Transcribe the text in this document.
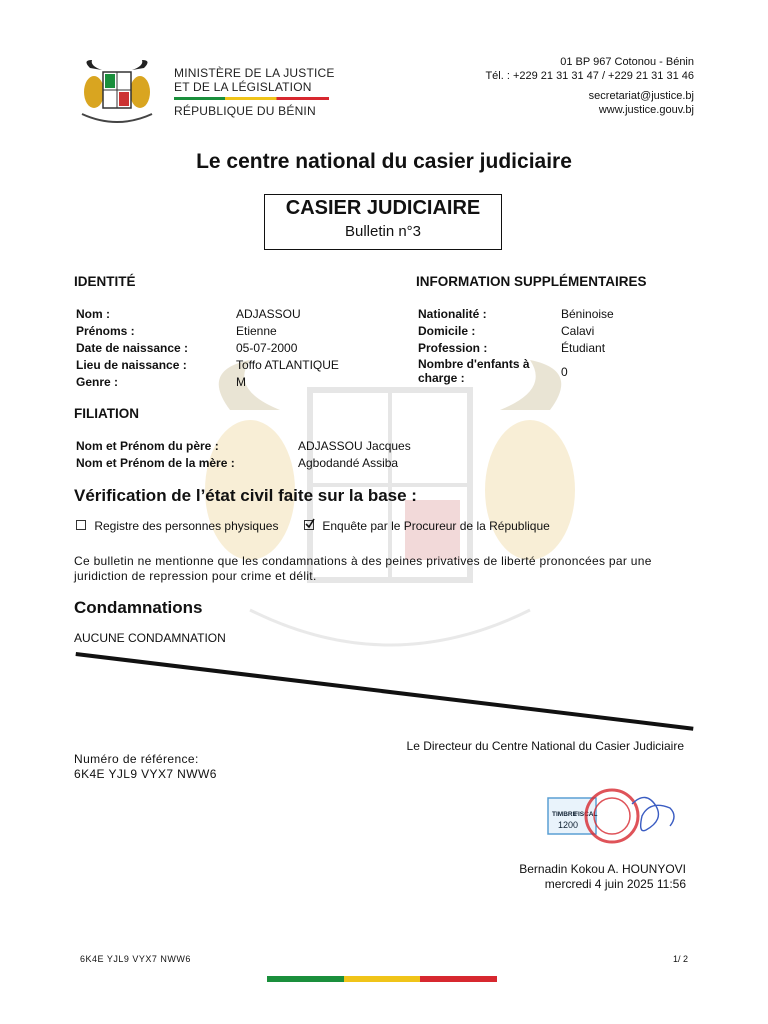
MINISTÈRE DE LA JUSTICE
ET DE LA LÉGISLATION
RÉPUBLIQUE DU BÉNIN
01 BP 967 Cotonou - Bénin
Tél. : +229 21 31 31 47 / +229 21 31 31 46
secretariat@justice.bj
www.justice.gouv.bj
Le centre national du casier judiciaire
CASIER JUDICIAIRE
Bulletin n°3
IDENTITÉ
Nom :	ADJASSOU
Prénoms :	Etienne
Date de naissance :	05-07-2000
Lieu de naissance :	Toffo ATLANTIQUE
Genre :	M
INFORMATION SUPPLÉMENTAIRES
Nationalité :	Béninoise
Domicile :	Calavi
Profession :	Étudiant
Nombre d'enfants à
charge :	0
FILIATION
Nom et Prénom du père :	ADJASSOU Jacques
Nom et Prénom de la mère :	Agbodandé Assiba
Vérification de l’état civil faite sur la base :
Registre des personnes physiques	Enquête par le Procureur de la République
Ce bulletin ne mentionne que les condamnations à des peines privatives de liberté prononcées par une juridiction de repression pour crime et délit.
Condamnations
AUCUNE CONDAMNATION
Le Directeur du Centre National du Casier Judiciaire
Numéro de référence:
6K4E YJL9 VYX7 NWW6
TIMBRE
FISCAL
1200
Bernadin Kokou A. HOUNYOVI
mercredi 4 juin 2025 11:56
6K4E YJL9 VYX7 NWW6	1/ 2
